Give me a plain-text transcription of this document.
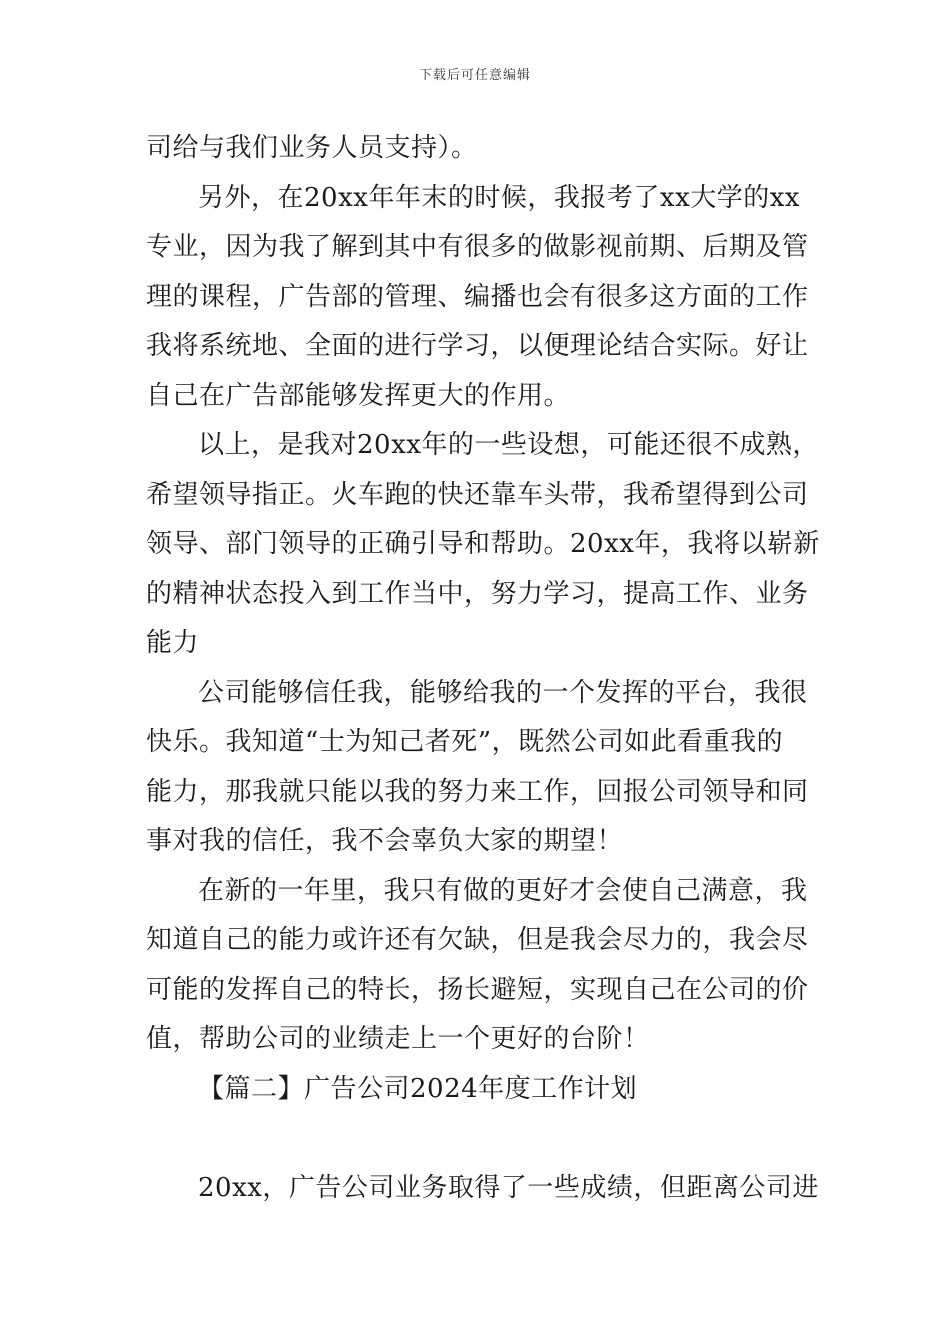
下载后可任意编辑
司给与我们业务人员支持）。
另外，在20xx年年末的时候，我报考了xx大学的xx
专业，因为我了解到其中有很多的做影视前期、后期及管
理的课程，广告部的管理、编播也会有很多这方面的工作
我将系统地、全面的进行学习，以便理论结合实际。好让
自己在广告部能够发挥更大的作用。
以上，是我对20xx年的一些设想，可能还很不成熟，
希望领导指正。火车跑的快还靠车头带，我希望得到公司
领导、部门领导的正确引导和帮助。20xx年，我将以崭新
的精神状态投入到工作当中，努力学习，提高工作、业务
能力
公司能够信任我，能够给我的一个发挥的平台，我很
快乐。我知道“士为知己者死”，既然公司如此看重我的
能力，那我就只能以我的努力来工作，回报公司领导和同
事对我的信任，我不会辜负大家的期望！
在新的一年里，我只有做的更好才会使自己满意，我
知道自己的能力或许还有欠缺，但是我会尽力的，我会尽
可能的发挥自己的特长，扬长避短，实现自己在公司的价
值，帮助公司的业绩走上一个更好的台阶！
【篇二】广告公司2024年度工作计划
20xx，广告公司业务取得了一些成绩，但距离公司进
